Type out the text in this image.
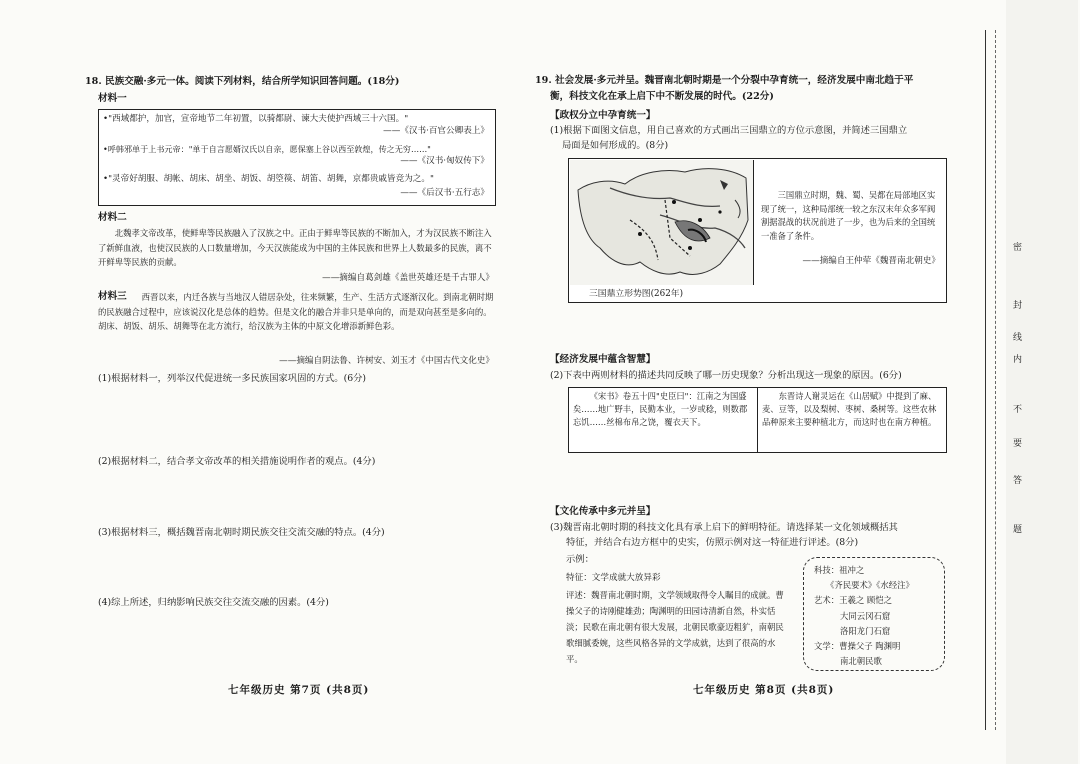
18. 民族交融·多元一体。阅读下列材料，结合所学知识回答问题。(18分)
材料一
•"西域都护，加官，宣帝地节二年初置，以骑都尉、谏大夫使护西域三十六国。"
——《汉书·百官公卿表上》
•呼韩邪单于上书元帝："单于自言愿婿汉氏以自亲，愿保塞上谷以西至敦煌，传之无穷……"
——《汉书·匈奴传下》
•"灵帝好胡服、胡帐、胡床、胡坐、胡饭、胡箜篌、胡笛、胡舞，京都贵戚皆竞为之。"
——《后汉书·五行志》
材料二
北魏孝文帝改革，使鲜卑等民族融入了汉族之中。正由于鲜卑等民族的不断加入，才为汉民族不断注入了新鲜血液，也使汉民族的人口数量增加，今天汉族能成为中国的主体民族和世界上人数最多的民族，离不开鲜卑等民族的贡献。
——摘编自葛剑雄《盖世英雄还是千古罪人》
材料三	西晋以来，内迁各族与当地汉人错居杂处，往来频繁，生产、生活方式逐渐汉化。到南北朝时期的民族融合过程中，应该说汉化是总体的趋势。但是文化的融合并非只是单向的，而是双向甚至是多向的。胡床、胡饭、胡乐、胡舞等在北方流行，给汉族为主体的中原文化增添新鲜色彩。
——摘编自阴法鲁、许树安、刘玉才《中国古代文化史》
(1)根据材料一，列举汉代促进统一多民族国家巩固的方式。(6分)
(2)根据材料二，结合孝文帝改革的相关措施说明作者的观点。(4分)
(3)根据材料三，概括魏晋南北朝时期民族交往交流交融的特点。(4分)
(4)综上所述，归纳影响民族交往交流交融的因素。(4分)
七年级历史 第7页 (共8页)
19. 社会发展·多元并呈。魏晋南北朝时期是一个分裂中孕育统一，经济发展中南北趋于平
衡，科技文化在承上启下中不断发展的时代。(22分)
【政权分立中孕育统一】
(1)根据下面图文信息，用自己喜欢的方式画出三国鼎立的方位示意图，并简述三国鼎立
局面是如何形成的。(8分)
三国鼎立形势图(262年)
三国鼎立时期，魏、蜀、吴都在局部地区实现了统一，这种局部统一较之东汉末年众多军阀割据混战的状况前进了一步，也为后来的全国统一准备了条件。
——摘编自王仲荦《魏晋南北朝史》
【经济发展中蕴含智慧】
(2)下表中两则材料的描述共同反映了哪一历史现象？分析出现这一现象的原因。(6分)
《宋书》卷五十四"史臣曰"：江南之为国盛矣……地广野丰，民勤本业，一岁或稔，则数郡忘饥……丝棉布帛之饶，覆衣天下。
东晋诗人谢灵运在《山居赋》中提到了麻、麦、豆等，以及梨树、枣树、桑树等。这些农林品种原来主要种植北方，而这时也在南方种植。
【文化传承中多元并呈】
(3)魏晋南北朝时期的科技文化具有承上启下的鲜明特征。请选择某一文化领域概括其
特征，并结合右边方框中的史实，仿照示例对这一特征进行评述。(8分)
示例：
特征：文学成就大放异彩
评述：魏晋南北朝时期，文学领域取得令人瞩目的成就。曹操父子的诗刚健雄劲；陶渊明的田园诗清新自然，朴实恬淡；民歌在南北朝有很大发展，北朝民歌豪迈粗犷，南朝民歌细腻委婉，这些风格各异的文学成就，达到了很高的水平。
科技：祖冲之
《齐民要术》《水经注》
艺术：王羲之 顾恺之
大同云冈石窟
洛阳龙门石窟
文学：曹操父子 陶渊明
南北朝民歌
七年级历史 第8页 (共8页)
密
封
线
内
不
要
答
题
